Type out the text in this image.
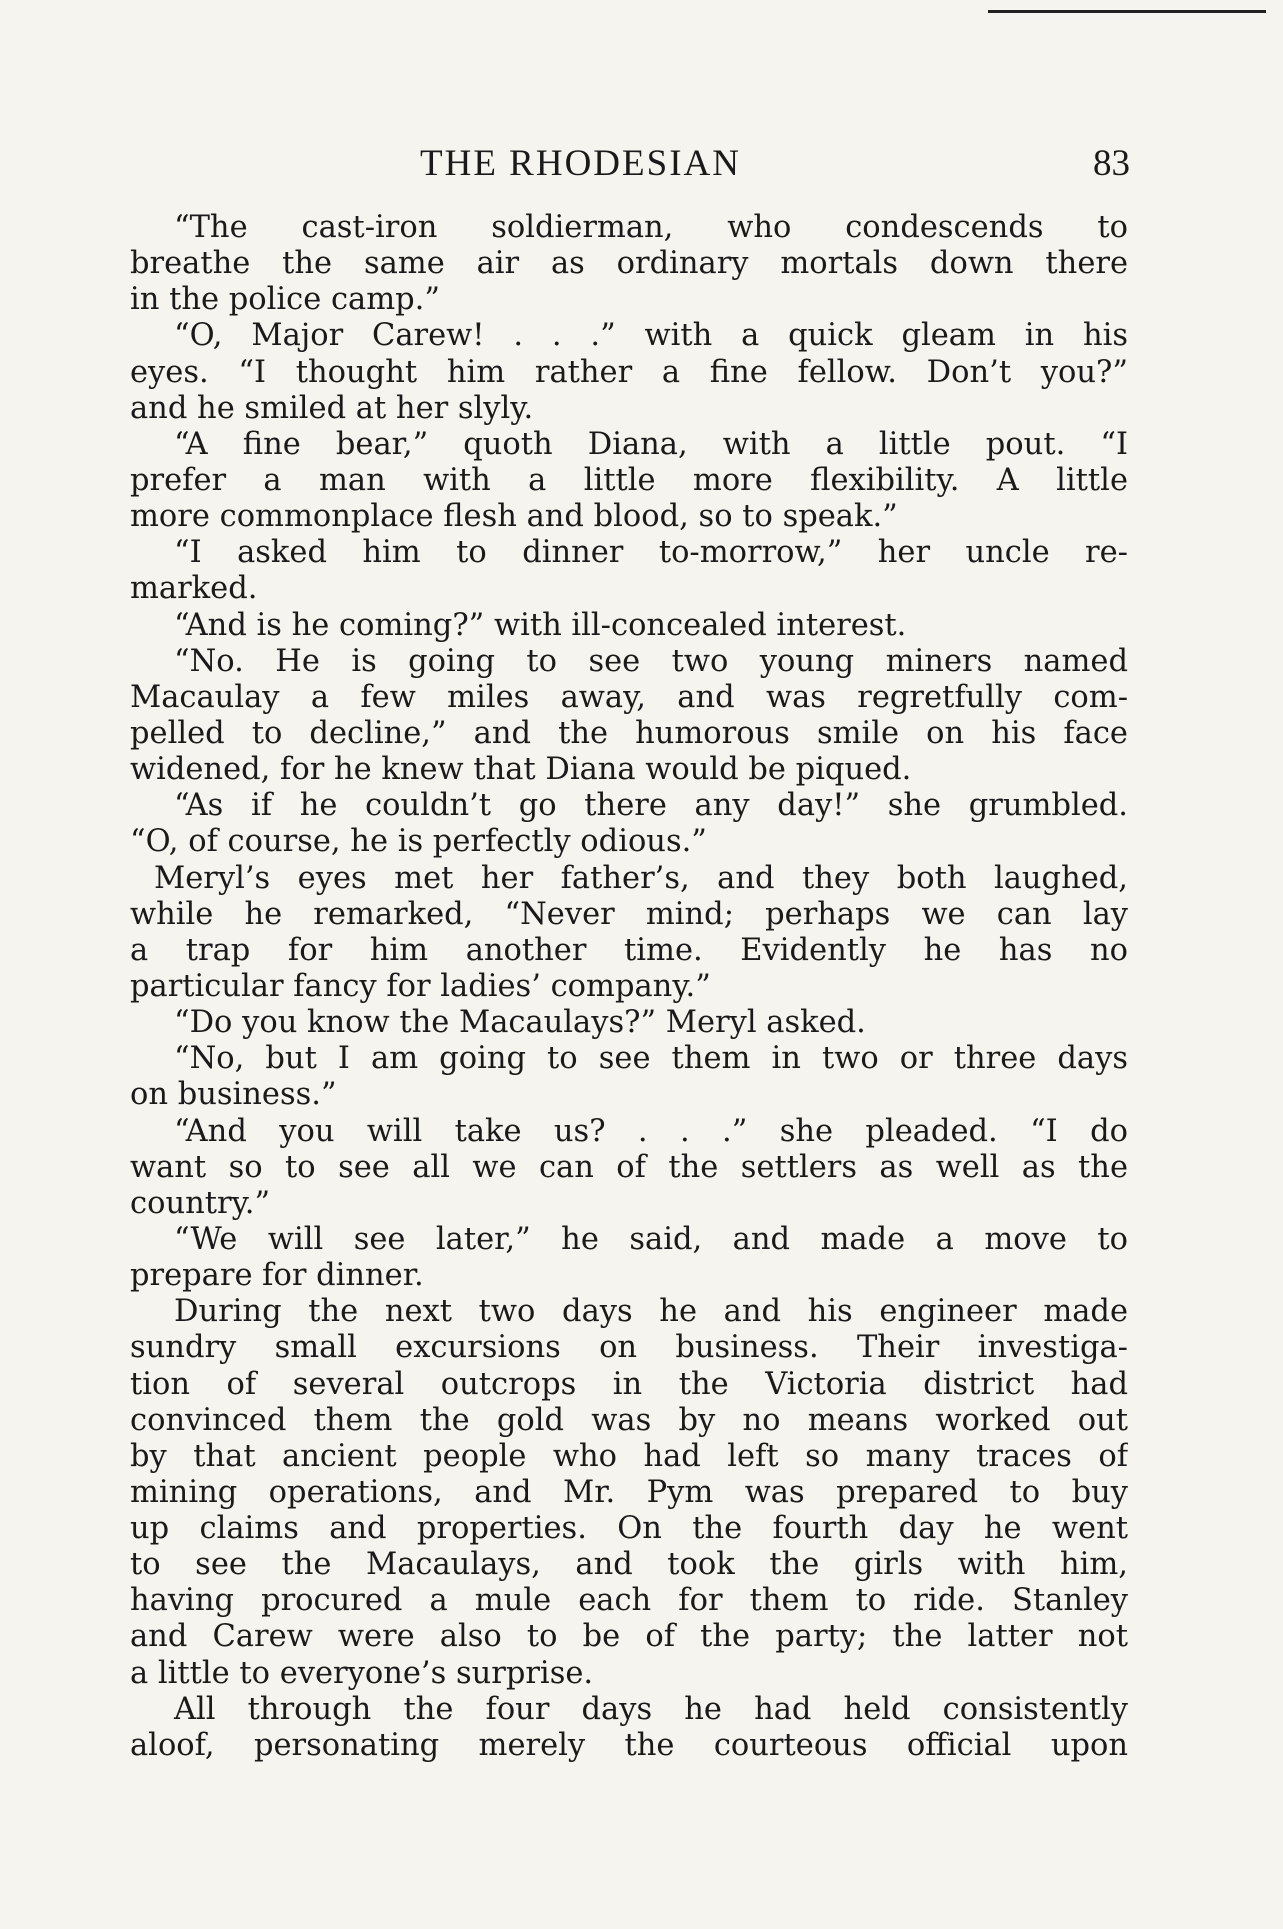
THE RHODESIAN	83
“The cast-iron soldierman, who condescends to
breathe the same air as ordinary mortals down there
in the police camp.”
“O, Major Carew! . . .” with a quick gleam in his
eyes. “I thought him rather a fine fellow. Don’t you?”
and he smiled at her slyly.
“A fine bear,” quoth Diana, with a little pout. “I
prefer a man with a little more flexibility. A little
more commonplace flesh and blood, so to speak.”
“I asked him to dinner to-morrow,” her uncle re-
marked.
“And is he coming?” with ill-concealed interest.
“No. He is going to see two young miners named
Macaulay a few miles away, and was regretfully com-
pelled to decline,” and the humorous smile on his face
widened, for he knew that Diana would be piqued.
“As if he couldn’t go there any day!” she grumbled.
“O, of course, he is perfectly odious.”
Meryl’s eyes met her father’s, and they both laughed,
while he remarked, “Never mind; perhaps we can lay
a trap for him another time. Evidently he has no
particular fancy for ladies’ company.”
“Do you know the Macaulays?” Meryl asked.
“No, but I am going to see them in two or three days
on business.”
“And you will take us? . . .” she pleaded. “I do
want so to see all we can of the settlers as well as the
country.”
“We will see later,” he said, and made a move to
prepare for dinner.
During the next two days he and his engineer made
sundry small excursions on business. Their investiga-
tion of several outcrops in the Victoria district had
convinced them the gold was by no means worked out
by that ancient people who had left so many traces of
mining operations, and Mr. Pym was prepared to buy
up claims and properties. On the fourth day he went
to see the Macaulays, and took the girls with him,
having procured a mule each for them to ride. Stanley
and Carew were also to be of the party; the latter not
a little to everyone’s surprise.
All through the four days he had held consistently
aloof, personating merely the courteous official upon
